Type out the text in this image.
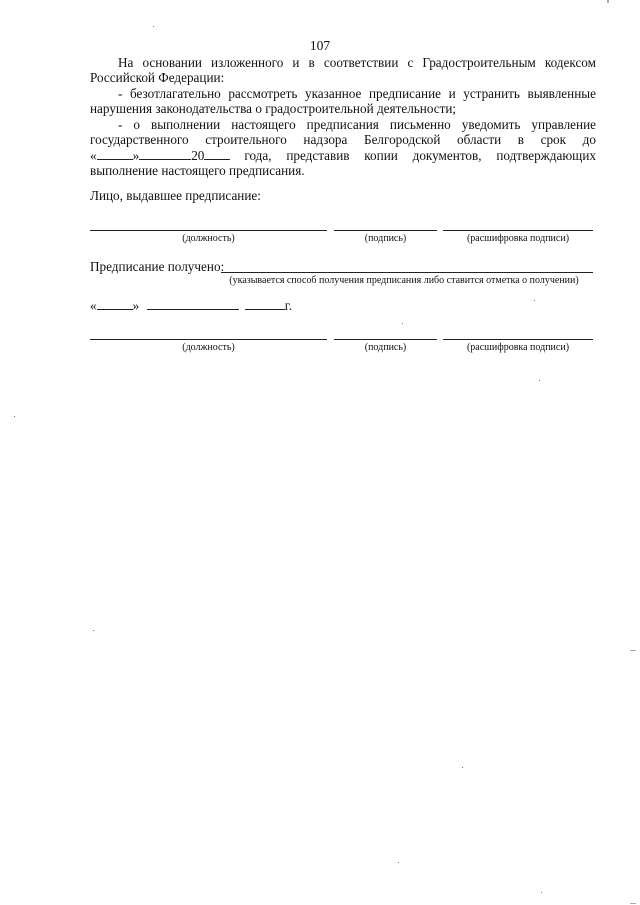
107
На основании изложенного и в соответствии с Градостроительным кодексом
Российской Федерации:
- безотлагательно рассмотреть указанное предписание и устранить выявленные
нарушения законодательства о градостроительной деятельности;
- о выполнении настоящего предписания письменно уведомить управление
государственного строительного надзора Белгородской области в срок до
«	»	20	года, представив копии документов, подтверждающих
выполнение настоящего предписания.
Лицо, выдавшее предписание:
(должность)	(подпись)	(расшифровка подписи)
Предписание получено:
(указывается способ получения предписания либо ставится отметка о получении)
«	»	г.
(должность)	(подпись)	(расшифровка подписи)
